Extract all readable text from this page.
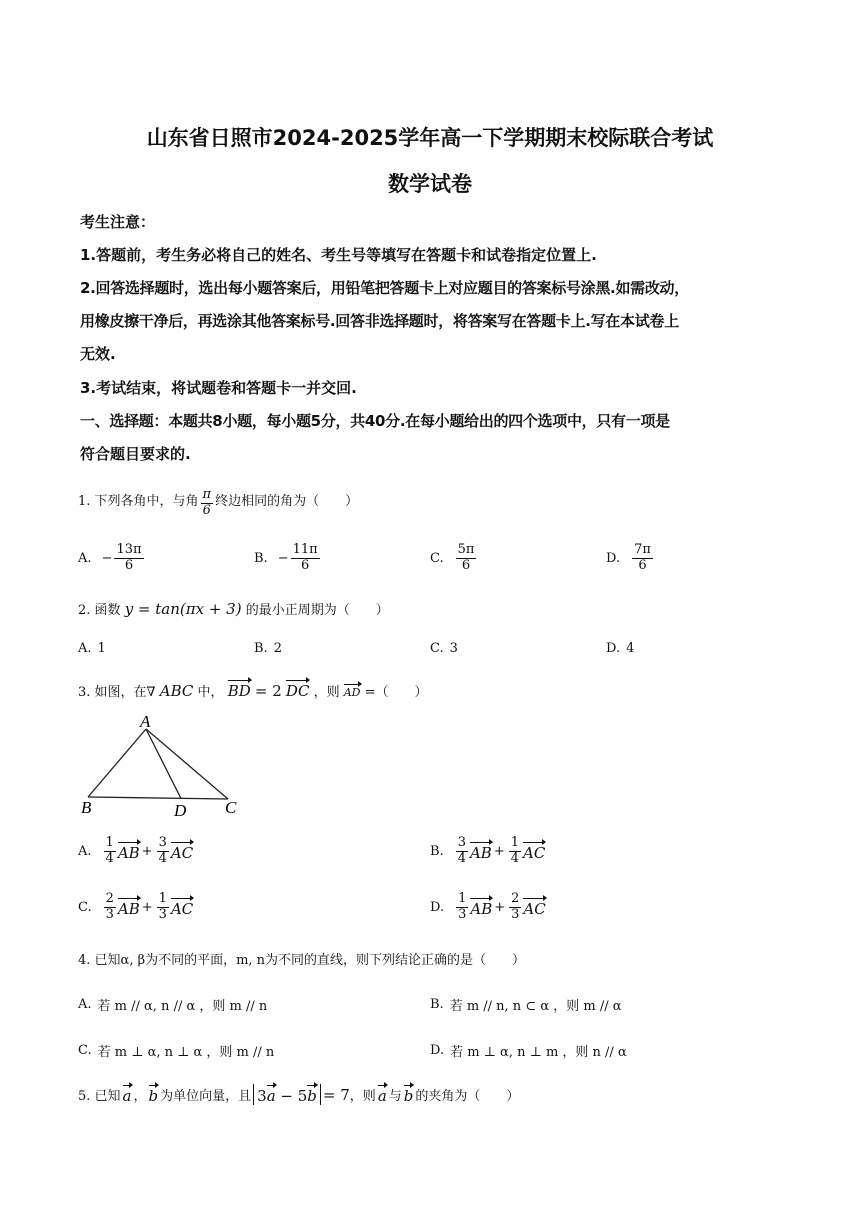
山东省日照市2024-2025学年高一下学期期末校际联合考试
数学试卷
考生注意：
1.答题前，考生务必将自己的姓名、考生号等填写在答题卡和试卷指定位置上.
2.回答选择题时，选出每小题答案后，用铅笔把答题卡上对应题目的答案标号涂黑.如需改动，
用橡皮擦干净后，再选涂其他答案标号.回答非选择题时，将答案写在答题卡上.写在本试卷上
无效.
3.考试结束，将试题卷和答题卡一并交回.
一、选择题：本题共8小题，每小题5分，共40分.在每小题给出的四个选项中，只有一项是
符合题目要求的.
1. 下列各角中，与角 $\frac{\pi}{6}$ 终边相同的角为（　　）
A. − $\frac{13\pi}{6}$	B. − $\frac{11\pi}{6}$	C. $\frac{5\pi}{6}$	D. $\frac{7\pi}{6}$
2. 函数 y = tan(πx + 3) 的最小正周期为（　　）
A. 1	B. 2	C. 3	D. 4
3. 如图，在∇ ABC 中， BD = 2 DC ，则 AD =（　　）
A
B	D C
A. $\frac{1}{4}$ AB + $\frac{3}{4}$ AC	B. $\frac{3}{4}$ AB + $\frac{1}{4}$ AC
C. $\frac{2}{3}$ AB + $\frac{1}{3}$ AC	D. $\frac{1}{3}$ AB + $\frac{2}{3}$ AC
4. 已知α, β为不同的平面，m, n为不同的直线，则下列结论正确的是（　　）
A. 若 m // α, n // α ，则 m // n	B. 若 m // n, n ⊂ α ，则 m // α
C. 若 m ⊥ α, n ⊥ α ，则 m // n	D. 若 m ⊥ α, n ⊥ m ，则 n // α
5. 已知 a ， b 为单位向量，且 3a − 5b = 7 ，则 a 与 b 的夹角为（　　）
